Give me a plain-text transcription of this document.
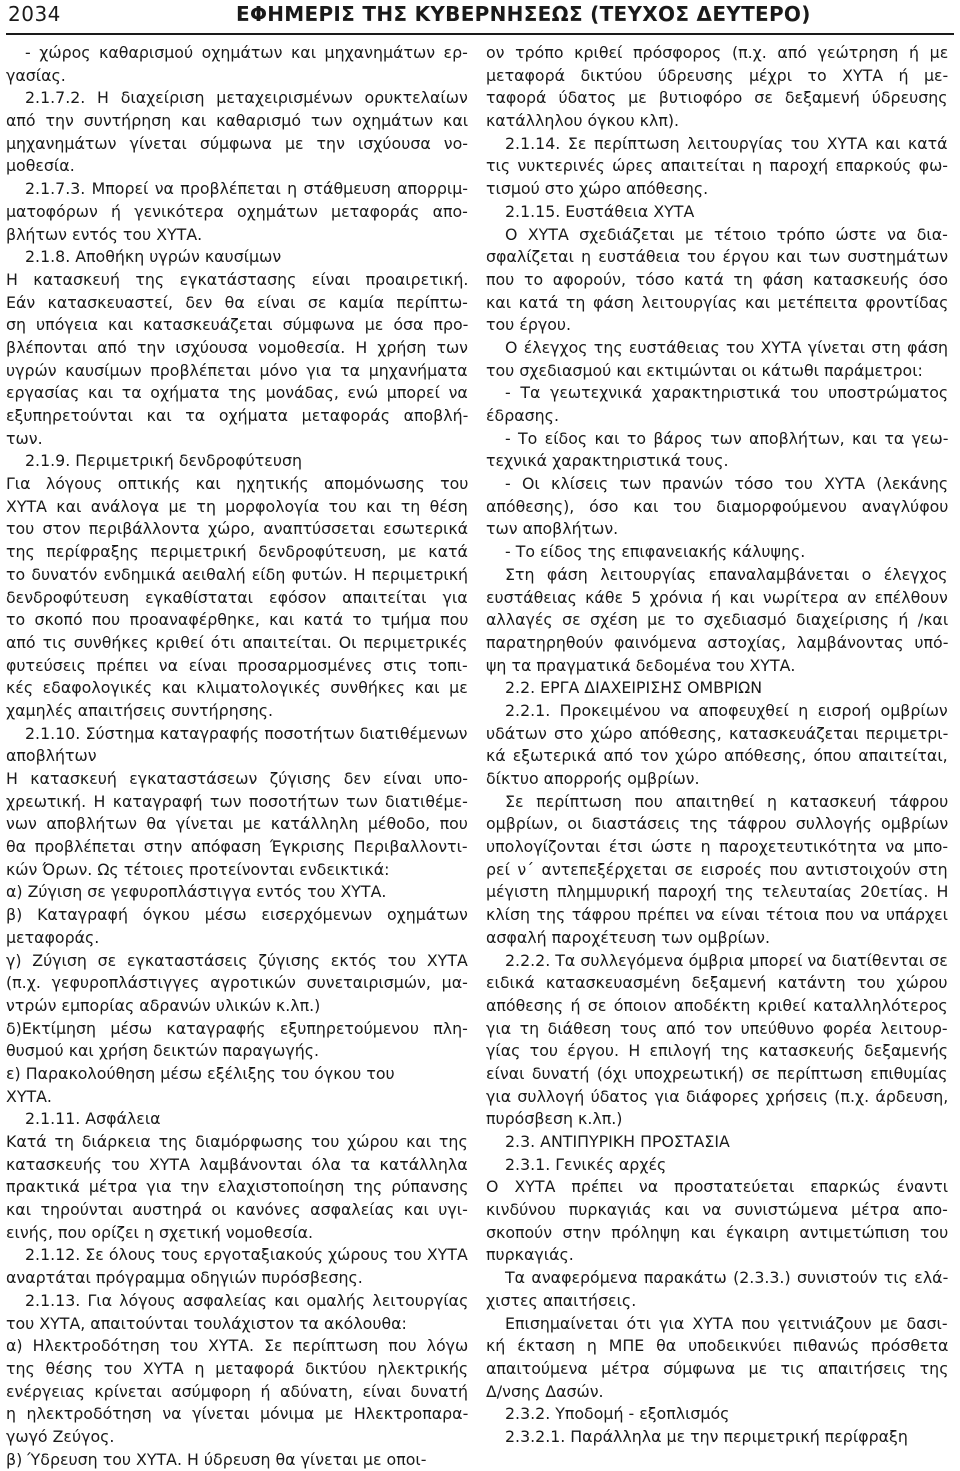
2034	ΕΦΗΜΕΡΙΣ ΤΗΣ ΚΥΒΕΡΝΗΣΕΩΣ (ΤΕΥΧΟΣ ΔΕΥΤΕΡΟ)
- χώρος καθαρισμού οχημάτων και μηχανημάτων ερ-
γασίας.
2.1.7.2. Η διαχείριση μεταχειρισμένων ορυκτελαίων
από την συντήρηση και καθαρισμό των οχημάτων και
μηχανημάτων γίνεται σύμφωνα με την ισχύουσα νο-
μοθεσία.
2.1.7.3. Μπορεί να προβλέπεται η στάθμευση απορριμ-
ματοφόρων ή γενικότερα οχημάτων μεταφοράς απο-
βλήτων εντός του ΧΥΤΑ.
2.1.8. Αποθήκη υγρών καυσίμων
Η κατασκευή της εγκατάστασης είναι προαιρετική.
Εάν κατασκευαστεί, δεν θα είναι σε καμία περίπτω-
ση υπόγεια και κατασκευάζεται σύμφωνα με όσα προ-
βλέπονται από την ισχύουσα νομοθεσία. Η χρήση των
υγρών καυσίμων προβλέπεται μόνο για τα μηχανήματα
εργασίας και τα οχήματα της μονάδας, ενώ μπορεί να
εξυπηρετούνται και τα οχήματα μεταφοράς αποβλή-
των.
2.1.9. Περιμετρική δενδροφύτευση
Για λόγους οπτικής και ηχητικής απομόνωσης του
ΧΥΤΑ και ανάλογα με τη μορφολογία του και τη θέση
του στον περιβάλλοντα χώρο, αναπτύσσεται εσωτερικά
της περίφραξης περιμετρική δενδροφύτευση, με κατά
το δυνατόν ενδημικά αειθαλή είδη φυτών. Η περιμετρική
δενδροφύτευση εγκαθίσταται εφόσον απαιτείται για
το σκοπό που προαναφέρθηκε, και κατά το τμήμα που
από τις συνθήκες κριθεί ότι απαιτείται. Οι περιμετρικές
φυτεύσεις πρέπει να είναι προσαρμοσμένες στις τοπι-
κές εδαφολογικές και κλιματολογικές συνθήκες και με
χαμηλές απαιτήσεις συντήρησης.
2.1.10. Σύστημα καταγραφής ποσοτήτων διατιθέμενων
αποβλήτων
Η κατασκευή εγκαταστάσεων ζύγισης δεν είναι υπο-
χρεωτική. Η καταγραφή των ποσοτήτων των διατιθέμε-
νων αποβλήτων θα γίνεται με κατάλληλη μέθοδο, που
θα προβλέπεται στην απόφαση Έγκρισης Περιβαλλοντι-
κών Όρων. Ως τέτοιες προτείνονται ενδεικτικά:
α) Ζύγιση σε γεφυροπλάστιγγα εντός του ΧΥΤΑ.
β) Καταγραφή όγκου μέσω εισερχόμενων οχημάτων
μεταφοράς.
γ) Ζύγιση σε εγκαταστάσεις ζύγισης εκτός του ΧΥΤΑ
(π.χ. γεφυροπλάστιγγες αγροτικών συνεταιρισμών, μα-
ντρών εμπορίας αδρανών υλικών κ.λπ.)
δ)Εκτίμηση μέσω καταγραφής εξυπηρετούμενου πλη-
θυσμού και χρήση δεικτών παραγωγής.
ε) Παρακολούθηση μέσω εξέλιξης του όγκου του
ΧΥΤΑ.
2.1.11. Ασφάλεια
Κατά τη διάρκεια της διαμόρφωσης του χώρου και της
κατασκευής του ΧΥΤΑ λαμβάνονται όλα τα κατάλληλα
πρακτικά μέτρα για την ελαχιστοποίηση της ρύπανσης
και τηρούνται αυστηρά οι κανόνες ασφαλείας και υγι-
εινής, που ορίζει η σχετική νομοθεσία.
2.1.12. Σε όλους τους εργοταξιακούς χώρους του ΧΥΤΑ
αναρτάται πρόγραμμα οδηγιών πυρόσβεσης.
2.1.13. Για λόγους ασφαλείας και ομαλής λειτουργίας
του ΧΥΤΑ, απαιτούνται τουλάχιστον τα ακόλουθα:
α) Ηλεκτροδότηση του ΧΥΤΑ. Σε περίπτωση που λόγω
της θέσης του ΧΥΤΑ η μεταφορά δικτύου ηλεκτρικής
ενέργειας κρίνεται ασύμφορη ή αδύνατη, είναι δυνατή
η ηλεκτροδότηση να γίνεται μόνιμα με Ηλεκτροπαρα-
γωγό Ζεύγος.
β) Ύδρευση του ΧΥΤΑ. Η ύδρευση θα γίνεται με οποι-
ον τρόπο κριθεί πρόσφορος (π.χ. από γεώτρηση ή με
μεταφορά δικτύου ύδρευσης μέχρι το ΧΥΤΑ ή με-
ταφορά ύδατος με βυτιοφόρο σε δεξαμενή ύδρευσης
κατάλληλου όγκου κλπ).
2.1.14. Σε περίπτωση λειτουργίας του ΧΥΤΑ και κατά
τις νυκτερινές ώρες απαιτείται η παροχή επαρκούς φω-
τισμού στο χώρο απόθεσης.
2.1.15. Ευστάθεια ΧΥΤΑ
Ο ΧΥΤΑ σχεδιάζεται με τέτοιο τρόπο ώστε να δια-
σφαλίζεται η ευστάθεια του έργου και των συστημάτων
που το αφορούν, τόσο κατά τη φάση κατασκευής όσο
και κατά τη φάση λειτουργίας και μετέπειτα φροντίδας
του έργου.
Ο έλεγχος της ευστάθειας του ΧΥΤΑ γίνεται στη φάση
του σχεδιασμού και εκτιμώνται οι κάτωθι παράμετροι:
- Τα γεωτεχνικά χαρακτηριστικά του υποστρώματος
έδρασης.
- Το είδος και το βάρος των αποβλήτων, και τα γεω-
τεχνικά χαρακτηριστικά τους.
- Οι κλίσεις των πρανών τόσο του ΧΥΤΑ (λεκάνης
απόθεσης), όσο και του διαμορφούμενου αναγλύφου
των αποβλήτων.
- Το είδος της επιφανειακής κάλυψης.
Στη φάση λειτουργίας επαναλαμβάνεται ο έλεγχος
ευστάθειας κάθε 5 χρόνια ή και νωρίτερα αν επέλθουν
αλλαγές σε σχέση με το σχεδιασμό διαχείρισης ή /και
παρατηρηθούν φαινόμενα αστοχίας, λαμβάνοντας υπό-
ψη τα πραγματικά δεδομένα του ΧΥΤΑ.
2.2. ΕΡΓΑ ΔΙΑΧΕΙΡΙΣΗΣ ΟΜΒΡΙΩΝ
2.2.1. Προκειμένου να αποφευχθεί η εισροή ομβρίων
υδάτων στο χώρο απόθεσης, κατασκευάζεται περιμετρι-
κά εξωτερικά από τον χώρο απόθεσης, όπου απαιτείται,
δίκτυο απορροής ομβρίων.
Σε περίπτωση που απαιτηθεί η κατασκευή τάφρου
ομβρίων, οι διαστάσεις της τάφρου συλλογής ομβρίων
υπολογίζονται έτσι ώστε η παροχετευτικότητα να μπο-
ρεί ν΄ αντεπεξέρχεται σε εισροές που αντιστοιχούν στη
μέγιστη πλημμυρική παροχή της τελευταίας 20ετίας. Η
κλίση της τάφρου πρέπει να είναι τέτοια που να υπάρχει
ασφαλή παροχέτευση των ομβρίων.
2.2.2. Τα συλλεγόμενα όμβρια μπορεί να διατίθενται σε
ειδικά κατασκευασμένη δεξαμενή κατάντη του χώρου
απόθεσης ή σε όποιον αποδέκτη κριθεί καταλληλότερος
για τη διάθεση τους από τον υπεύθυνο φορέα λειτουρ-
γίας του έργου. Η επιλογή της κατασκευής δεξαμενής
είναι δυνατή (όχι υποχρεωτική) σε περίπτωση επιθυμίας
για συλλογή ύδατος για διάφορες χρήσεις (π.χ. άρδευση,
πυρόσβεση κ.λπ.)
2.3. ΑΝΤΙΠΥΡΙΚΗ ΠΡΟΣΤΑΣΙΑ
2.3.1. Γενικές αρχές
Ο ΧΥΤΑ πρέπει να προστατεύεται επαρκώς έναντι
κινδύνου πυρκαγιάς και να συνιστώμενα μέτρα απο-
σκοπούν στην πρόληψη και έγκαιρη αντιμετώπιση του
πυρκαγιάς.
Τα αναφερόμενα παρακάτω (2.3.3.) συνιστούν τις ελά-
χιστες απαιτήσεις.
Επισημαίνεται ότι για ΧΥΤΑ που γειτνιάζουν με δασι-
κή έκταση η ΜΠΕ θα υποδεικνύει πιθανώς πρόσθετα
απαιτούμενα μέτρα σύμφωνα με τις απαιτήσεις της
Δ/νσης Δασών.
2.3.2. Υποδομή - εξοπλισμός
2.3.2.1. Παράλληλα με την περιμετρική περίφραξη
